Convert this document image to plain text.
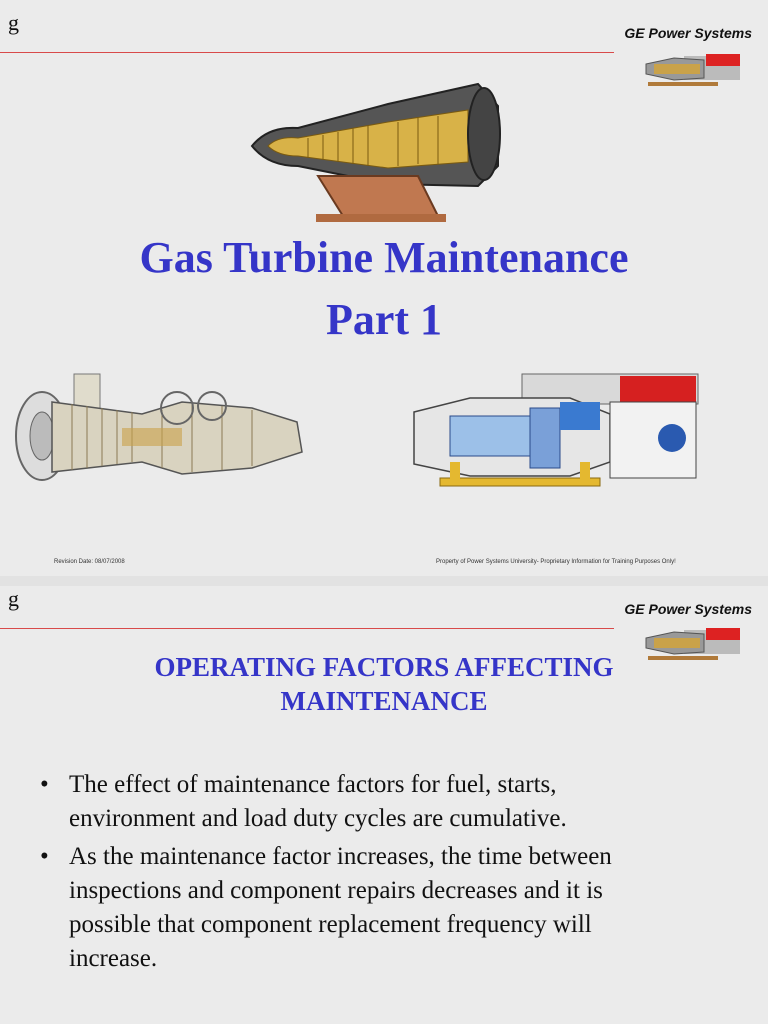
g	GE Power Systems
Gas Turbine Maintenance
Part 1
Revision Date: 08/07/2008	Property of Power Systems University- Proprietary Information for Training Purposes Only!
g	GE Power Systems
OPERATING FACTORS AFFECTING
MAINTENANCE
• The effect of maintenance factors for fuel, starts,
environment and load duty cycles are cumulative.
• As the maintenance factor increases, the time between
inspections and component repairs decreases and it is
possible that component replacement frequency will
increase.
